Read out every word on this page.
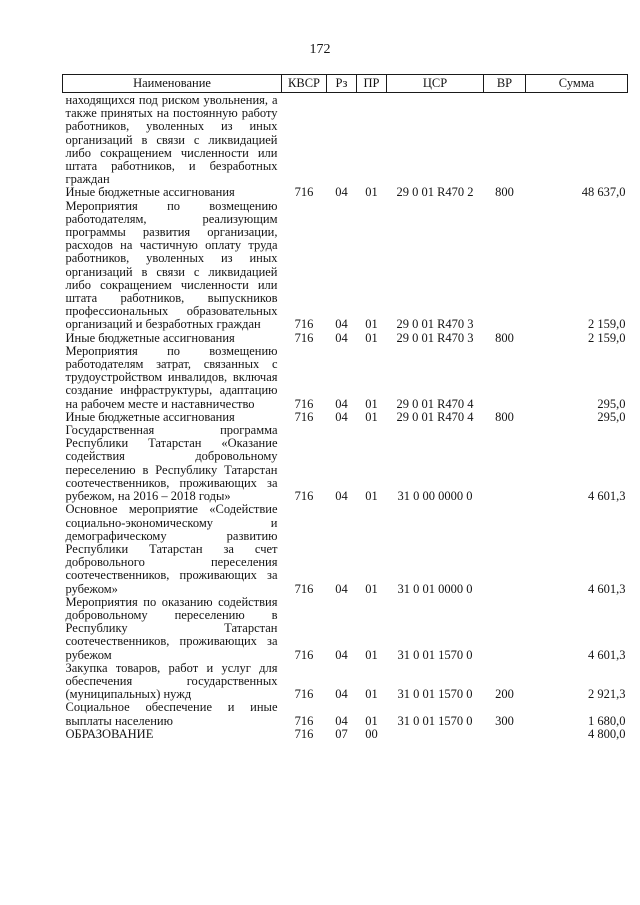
172
Наименование	КВСР	Рз	ПР	ЦСР	ВР	Сумма
находящихся под риском увольнения, а также принятых на постоянную работу работников, уволенных из иных организаций в связи с ликвидацией либо сокращением численности или штата работников, и безработных граждан						
Иные бюджетные ассигнования	716	04	01	29 0 01 R470 2	800	48 637,0
Мероприятия по возмещению работодателям, реализующим программы развития организации, расходов на частичную оплату труда работников, уволенных из иных организаций в связи с ликвидацией либо сокращением численности или штата работников, выпускников профессиональных образовательных организаций и безработных граждан	716	04	01	29 0 01 R470 3		2 159,0
Иные бюджетные ассигнования	716	04	01	29 0 01 R470 3	800	2 159,0
Мероприятия по возмещению работодателям затрат, связанных с трудоустройством инвалидов, включая создание инфраструктуры, адаптацию на рабочем месте и наставничество	716	04	01	29 0 01 R470 4		295,0
Иные бюджетные ассигнования	716	04	01	29 0 01 R470 4	800	295,0
Государственная программа Республики Татарстан «Оказание содействия добровольному переселению в Республику Татарстан соотечественников, проживающих за рубежом, на 2016 – 2018 годы»	716	04	01	31 0 00 0000 0		4 601,3
Основное мероприятие «Содействие социально-экономическому и демографическому развитию Республики Татарстан за счет добровольного переселения соотечественников, проживающих за рубежом»	716	04	01	31 0 01 0000 0		4 601,3
Мероприятия по оказанию содействия добровольному переселению в Республику Татарстан соотечественников, проживающих за рубежом	716	04	01	31 0 01 1570 0		4 601,3
Закупка товаров, работ и услуг для обеспечения государственных (муниципальных) нужд	716	04	01	31 0 01 1570 0	200	2 921,3
Социальное обеспечение и иные выплаты населению	716	04	01	31 0 01 1570 0	300	1 680,0
ОБРАЗОВАНИЕ	716	07	00			4 800,0
